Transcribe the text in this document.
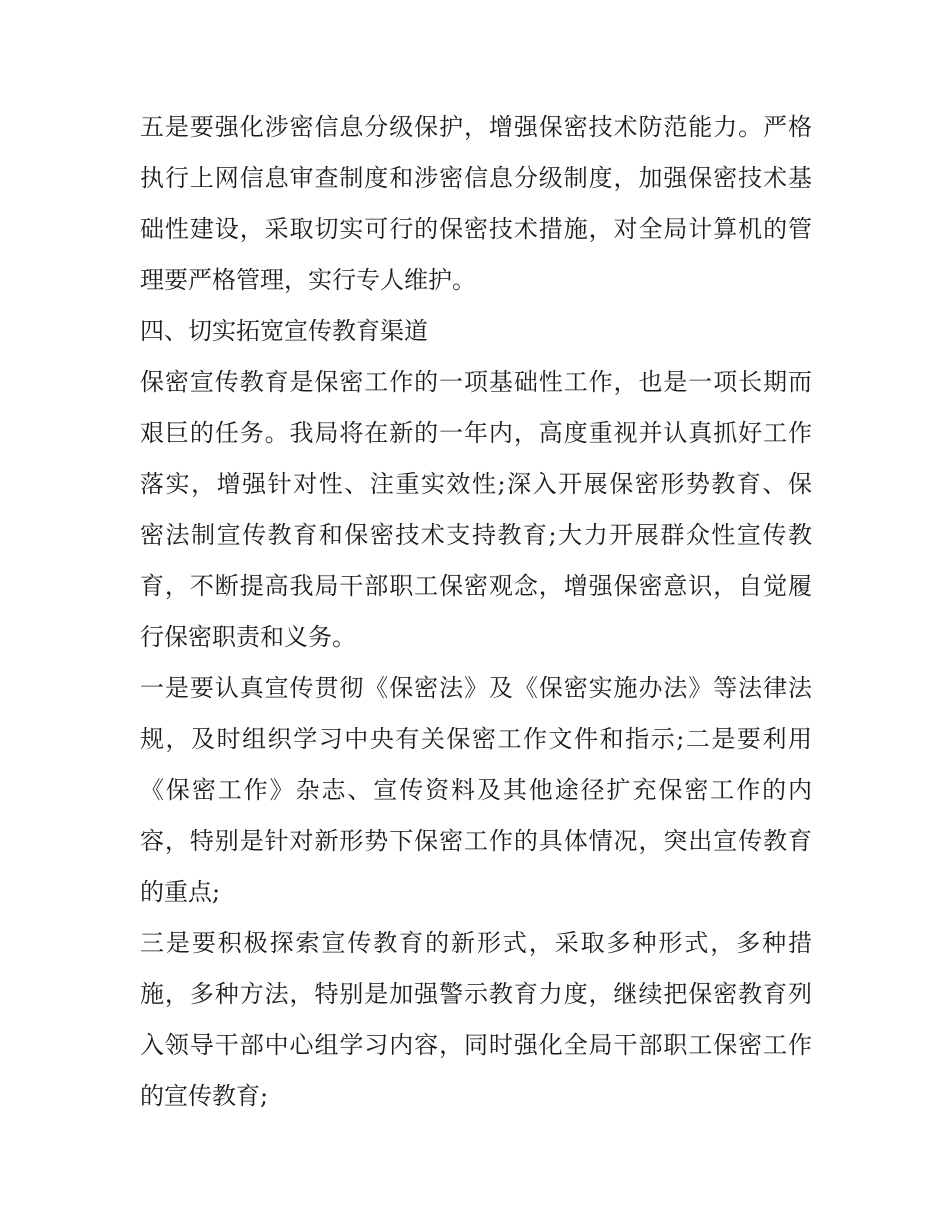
五是要强化涉密信息分级保护，增强保密技术防范能力。严格
执行上网信息审查制度和涉密信息分级制度，加强保密技术基
础性建设，采取切实可行的保密技术措施，对全局计算机的管
理要严格管理，实行专人维护。
四、切实拓宽宣传教育渠道
保密宣传教育是保密工作的一项基础性工作，也是一项长期而
艰巨的任务。我局将在新的一年内，高度重视并认真抓好工作
落实，增强针对性、注重实效性;深入开展保密形势教育、保
密法制宣传教育和保密技术支持教育;大力开展群众性宣传教
育，不断提高我局干部职工保密观念，增强保密意识，自觉履
行保密职责和义务。
一是要认真宣传贯彻《保密法》及《保密实施办法》等法律法
规，及时组织学习中央有关保密工作文件和指示;二是要利用
《保密工作》杂志、宣传资料及其他途径扩充保密工作的内
容，特别是针对新形势下保密工作的具体情况，突出宣传教育
的重点;
三是要积极探索宣传教育的新形式，采取多种形式，多种措
施，多种方法，特别是加强警示教育力度，继续把保密教育列
入领导干部中心组学习内容，同时强化全局干部职工保密工作
的宣传教育;
